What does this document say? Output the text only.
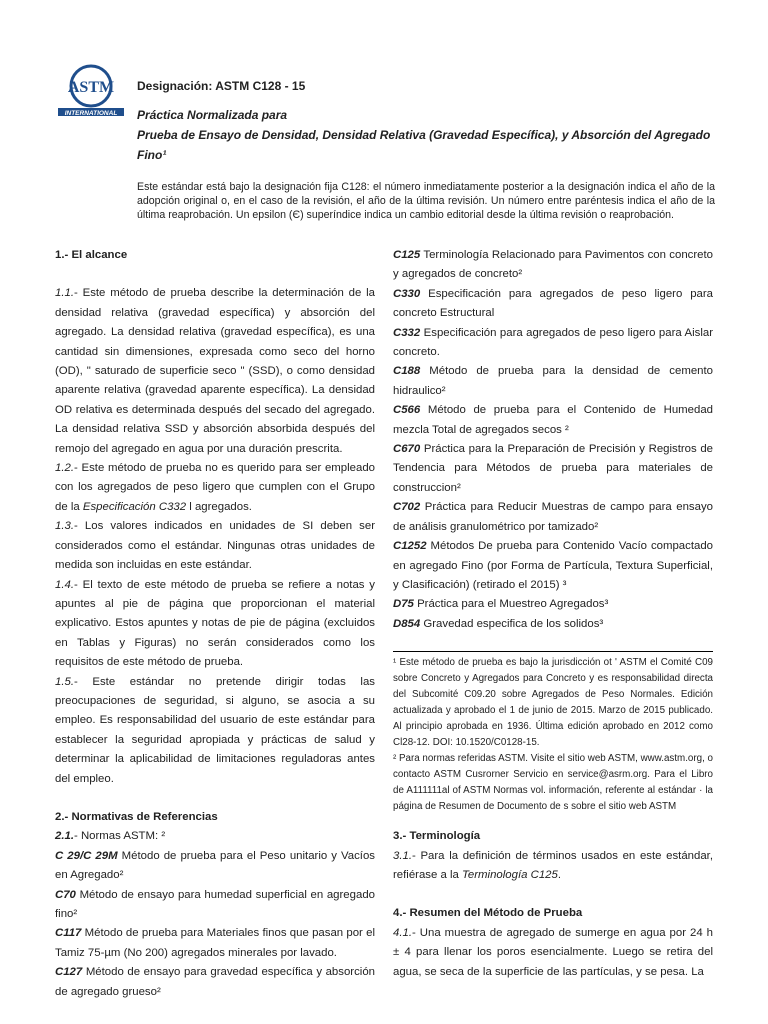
ASTM
INTERNATIONAL
Designación: ASTM C128 - 15
Práctica Normalizada para
Prueba de Ensayo de Densidad, Densidad Relativa (Gravedad Específica), y Absorción del Agregado
Fino¹
Este estándar está bajo la designación fija C128: el número inmediatamente posterior a la designación indica el año de la adopción original o, en el caso de la revisión, el año de la última revisión. Un número entre paréntesis indica el año de la última reaprobación. Un epsilon (Є) superíndice indica un cambio editorial desde la última revisión o reaprobación.

1.- El alcance

1.1.- Este método de prueba describe la determinación de la densidad relativa (gravedad específica) y absorción del agregado. La densidad relativa (gravedad específica), es una cantidad sin dimensiones, expresada como seco del horno (OD), " saturado de superficie seco " (SSD), o como densidad aparente relativa (gravedad aparente específica). La densidad OD relativa es determinada después del secado del agregado. La densidad relativa SSD y absorción absorbida después del remojo del agregado en agua por una duración prescrita.

1.2.- Este método de prueba no es querido para ser empleado con los agregados de peso ligero que cumplen con el Grupo de la Especificación C332 l agregados.

1.3.- Los valores indicados en unidades de SI deben ser considerados como el estándar. Ningunas otras unidades de medida son incluidas en este estándar.

1.4.- El texto de este método de prueba se refiere a notas y apuntes al pie de página que proporcionan el material explicativo. Estos apuntes y notas de pie de página (excluidos en Tablas y Figuras) no serán considerados como los requisitos de este método de prueba.

1.5.- Este estándar no pretende dirigir todas las preocupaciones de seguridad, si alguno, se asocia a su empleo. Es responsabilidad del usuario de este estándar para establecer la seguridad apropiada y prácticas de salud y determinar la aplicabilidad de limitaciones reguladoras antes del empleo.

2.- Normativas de Referencias

2.1.- Normas ASTM: ²

C 29/C 29M Método de prueba para el Peso unitario y Vacíos en Agregado²

C70 Método de ensayo para humedad superficial en agregado fino²

C117 Método de prueba para Materiales finos que pasan por el Tamiz 75-µm (No 200) agregados minerales por lavado.

C127 Método de ensayo para gravedad específica y absorción de agregado grueso²

C125 Terminología Relacionado para Pavimentos con concreto y agregados de concreto²

C330 Especificación para agregados de peso ligero para concreto Estructural

C332 Especificación para agregados de peso ligero para Aislar concreto.

C188 Método de prueba para la densidad de cemento hidraulico²

C566 Método de prueba para el Contenido de Humedad mezcla Total de agregados secos ²

C670 Práctica para la Preparación de Precisión y Registros de Tendencia para Métodos de prueba para materiales de construccion²

C702 Práctica para Reducir Muestras de campo para ensayo de análisis granulométrico por tamizado²

C1252 Métodos De prueba para Contenido Vacío compactado en agregado Fino (por Forma de Partícula, Textura Superficial, y Clasificación) (retirado el 2015) ³

D75 Práctica para el Muestreo Agregados³

D854 Gravedad especifica de los solidos³

¹ Este método de prueba es bajo la jurisdicción ot ' ASTM el Comité C09 sobre Concreto y Agregados para Concreto y es responsabilidad directa del Subcomité C09.20 sobre Agregados de Peso Normales. Edición actualizada y aprobado el 1 de junio de 2015. Marzo de 2015 publicado. Al principio aprobada en 1936. Última edición aprobado en 2012 como Cl28-12. DOI: 10.1520/C0128-15.

² Para normas referidas ASTM. Visite el sitio web ASTM, www.astm.org, o contacto ASTM Cusrorner Servicio en service@asrm.org. Para el Libro de A111111al of ASTM Normas vol. información, referente al estándar · la página de Resumen de Documento de s sobre el sitio web ASTM

3.- Terminología

3.1.- Para la definición de términos usados en este estándar, refiérase a la Terminología C125.

4.- Resumen del Método de Prueba

4.1.- Una muestra de agregado de sumerge en agua por 24 h ± 4 para llenar los poros esencialmente. Luego se retira del agua, se seca de la superficie de las partículas, y se pesa. La
